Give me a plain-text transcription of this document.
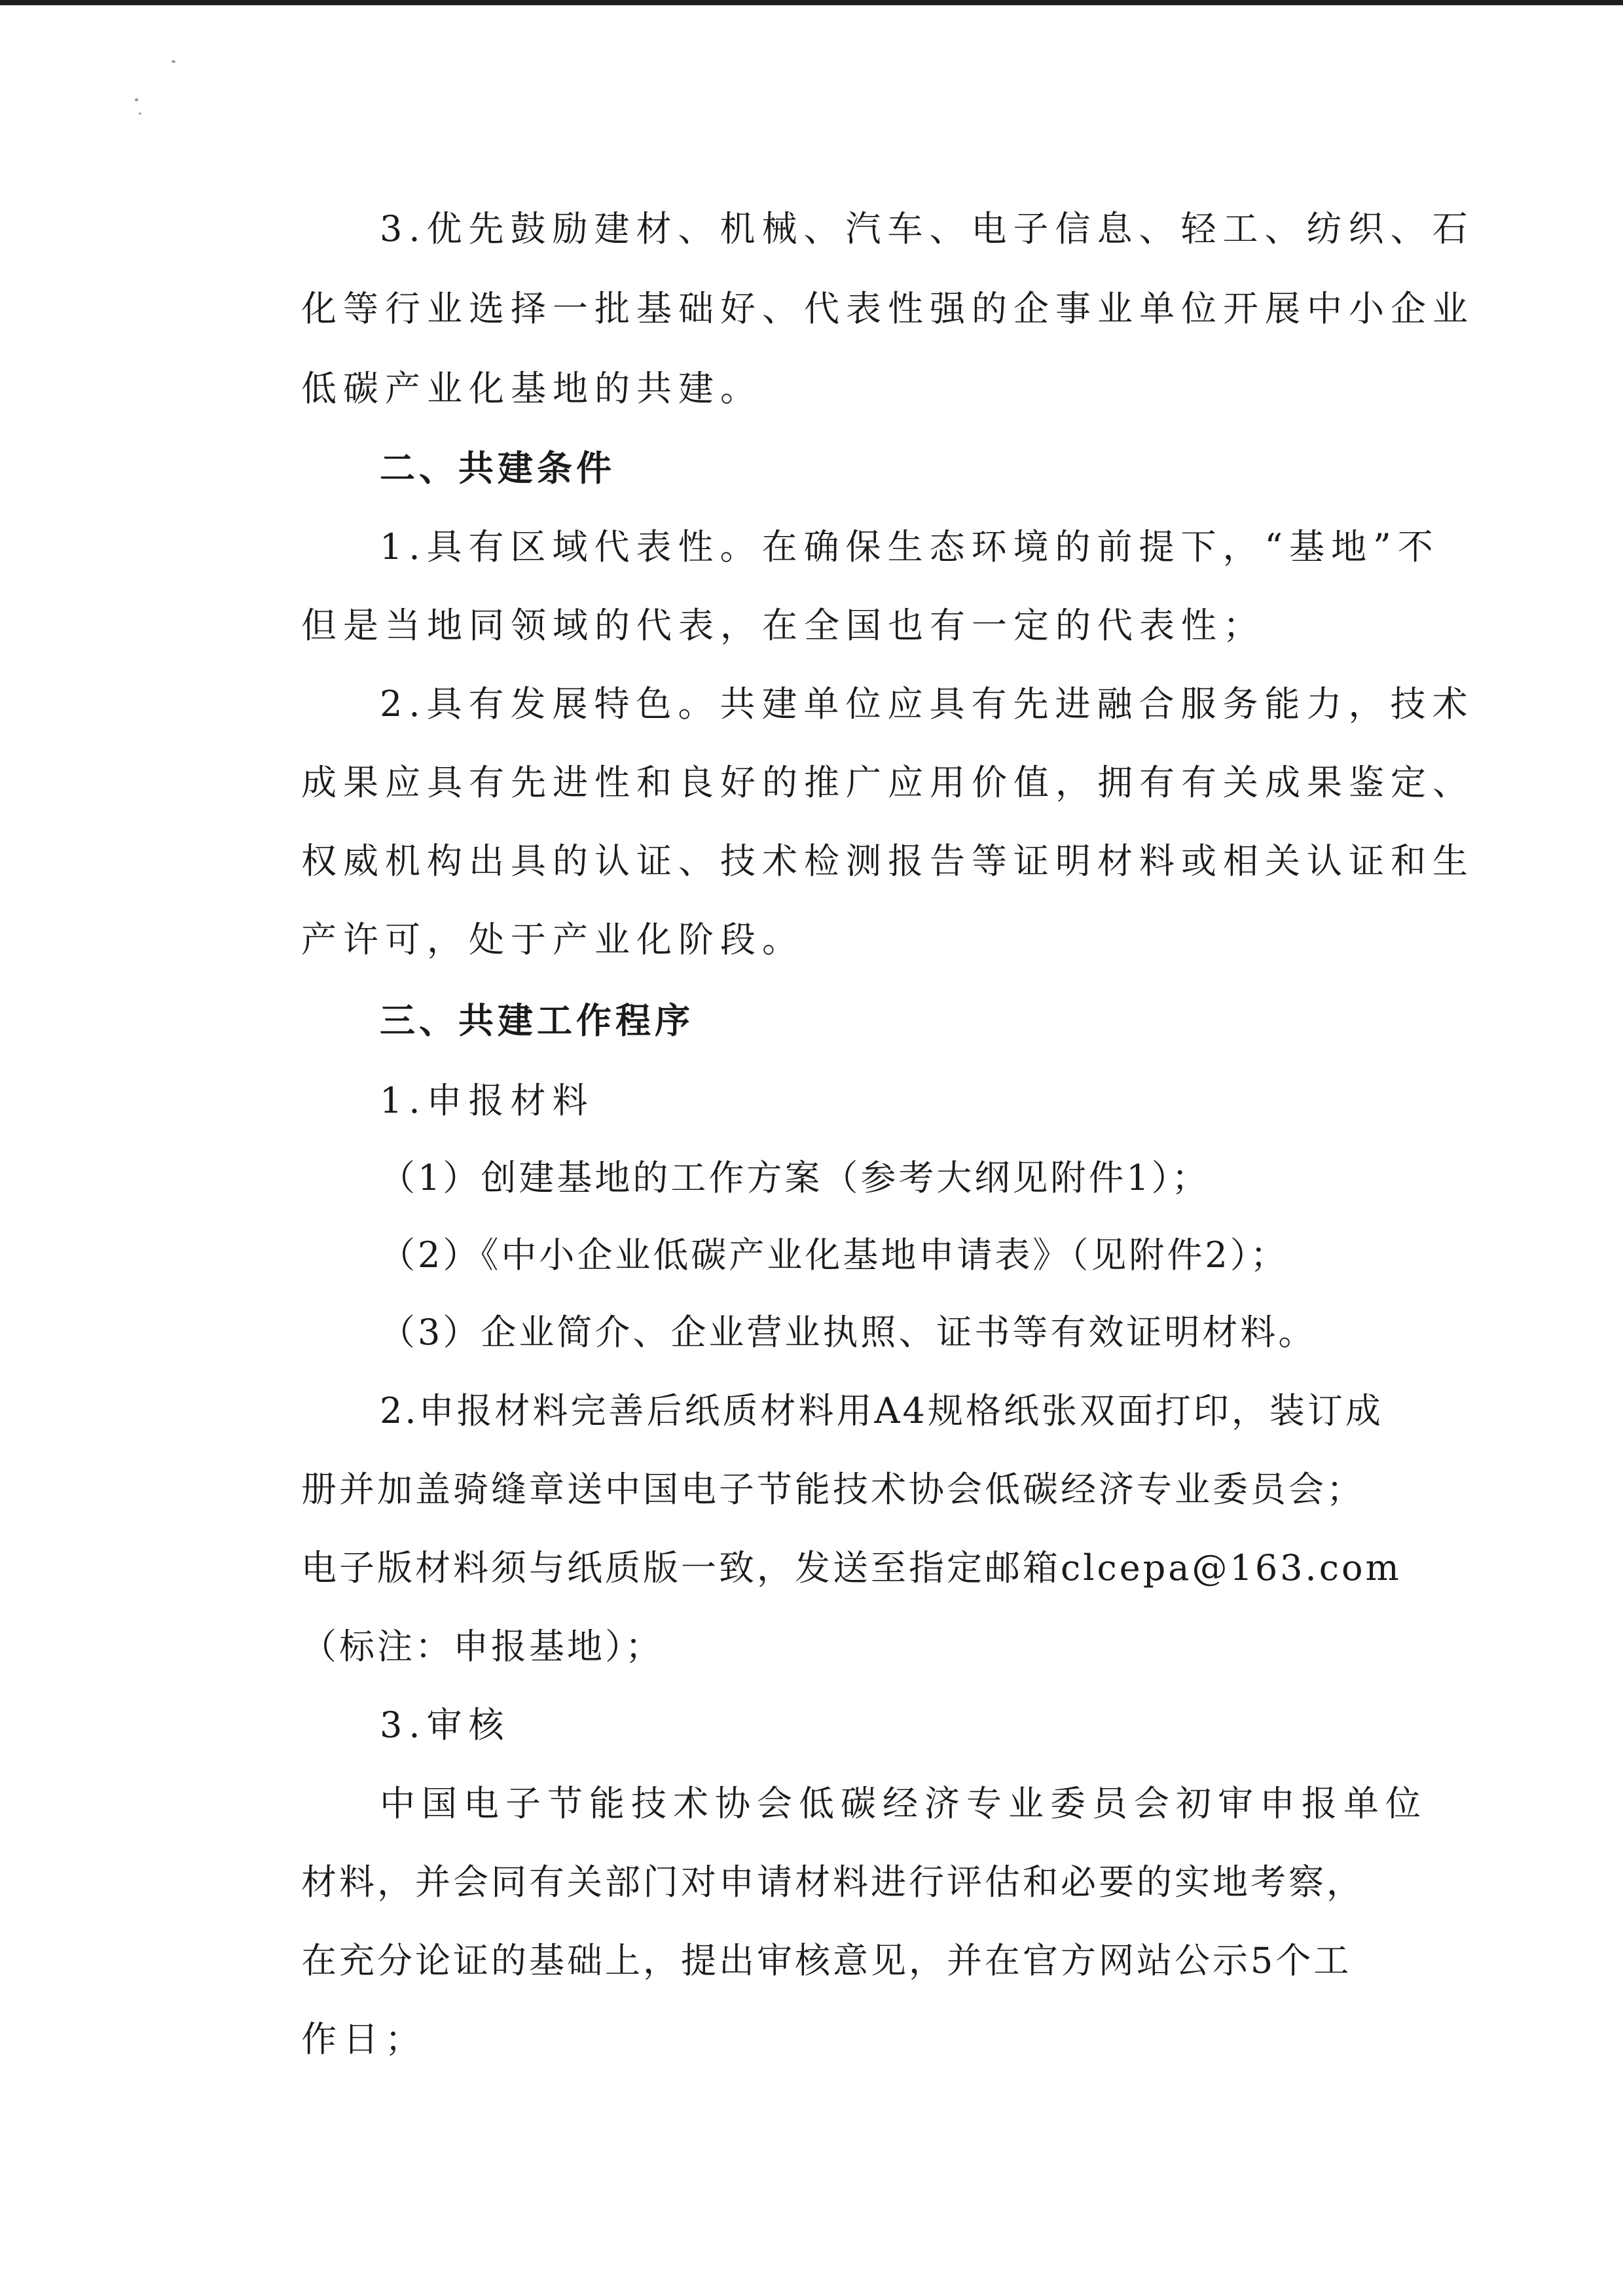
3.优先鼓励建材、机械、汽车、电子信息、轻工、纺织、石
化等行业选择一批基础好、代表性强的企事业单位开展中小企业
低碳产业化基地的共建。
二、共建条件
1.具有区域代表性。在确保生态环境的前提下，“基地”不
但是当地同领域的代表，在全国也有一定的代表性；
2.具有发展特色。共建单位应具有先进融合服务能力，技术
成果应具有先进性和良好的推广应用价值，拥有有关成果鉴定、
权威机构出具的认证、技术检测报告等证明材料或相关认证和生
产许可，处于产业化阶段。
三、共建工作程序
1.申报材料
（1）创建基地的工作方案（参考大纲见附件1）；
（2）《中小企业低碳产业化基地申请表》（见附件2）；
（3）企业简介、企业营业执照、证书等有效证明材料。
2.申报材料完善后纸质材料用A4规格纸张双面打印，装订成
册并加盖骑缝章送中国电子节能技术协会低碳经济专业委员会；
电子版材料须与纸质版一致，发送至指定邮箱clcepa@163.com
（标注：申报基地）；
3.审核
中国电子节能技术协会低碳经济专业委员会初审申报单位
材料，并会同有关部门对申请材料进行评估和必要的实地考察，
在充分论证的基础上，提出审核意见，并在官方网站公示5个工
作日；
